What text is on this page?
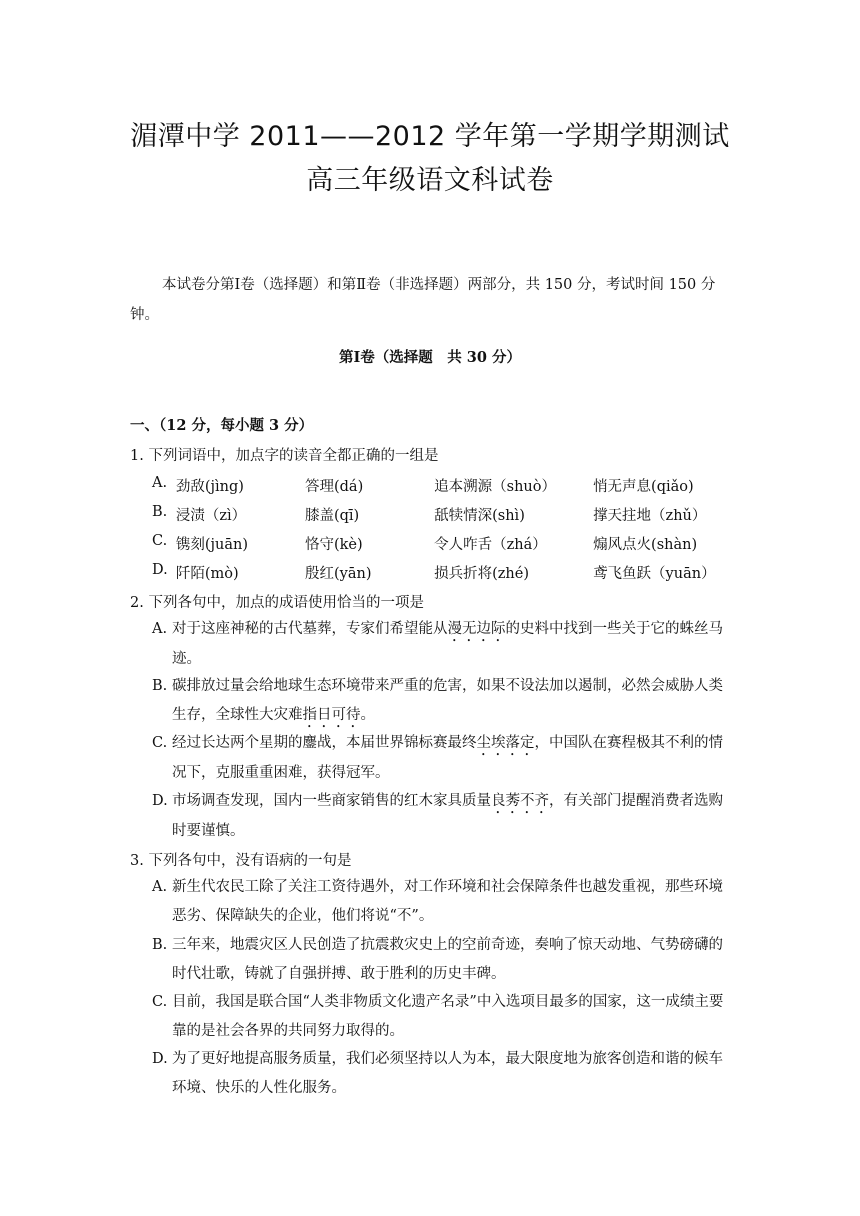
湄潭中学 2011——2012 学年第一学期学期测试
高三年级语文科试卷
本试卷分第Ⅰ卷（选择题）和第Ⅱ卷（非选择题）两部分，共 150 分，考试时间 150 分钟。
第Ⅰ卷（选择题　共 30 分）
一、（12 分，每小题 3 分）
1. 下列词语中，加点字的读音全都正确的一组是
A. 劲敌(jìng)	答理(dá)	追本溯源（shuò）	悄无声息(qiǎo)
B. 浸渍（zì）	膝盖(qī)	舐犊情深(shì)	撑天拄地（zhǔ）
C. 镌刻(juān)	恪守(kè)	令人咋舌（zhá）	煽风点火(shàn)
D. 阡陌(mò)	殷红(yān)	损兵折将(zhé)	鸢飞鱼跃（yuān）
2. 下列各句中，加点的成语使用恰当的一项是
A. 对于这座神秘的古代墓葬，专家们希望能从漫无边际的史料中找到一些关于它的蛛丝马迹。
B. 碳排放过量会给地球生态环境带来严重的危害，如果不设法加以遏制，必然会威胁人类生存，全球性大灾难指日可待。
C. 经过长达两个星期的鏖战，本届世界锦标赛最终尘埃落定，中国队在赛程极其不利的情况下，克服重重困难，获得冠军。
D. 市场调查发现，国内一些商家销售的红木家具质量良莠不齐，有关部门提醒消费者选购时要谨慎。
3. 下列各句中，没有语病的一句是
A. 新生代农民工除了关注工资待遇外，对工作环境和社会保障条件也越发重视，那些环境恶劣、保障缺失的企业，他们将说“不”。
B. 三年来，地震灾区人民创造了抗震救灾史上的空前奇迹，奏响了惊天动地、气势磅礴的时代壮歌，铸就了自强拼搏、敢于胜利的历史丰碑。
C. 目前，我国是联合国“人类非物质文化遗产名录”中入选项目最多的国家，这一成绩主要靠的是社会各界的共同努力取得的。
D. 为了更好地提高服务质量，我们必须坚持以人为本，最大限度地为旅客创造和谐的候车环境、快乐的人性化服务。
